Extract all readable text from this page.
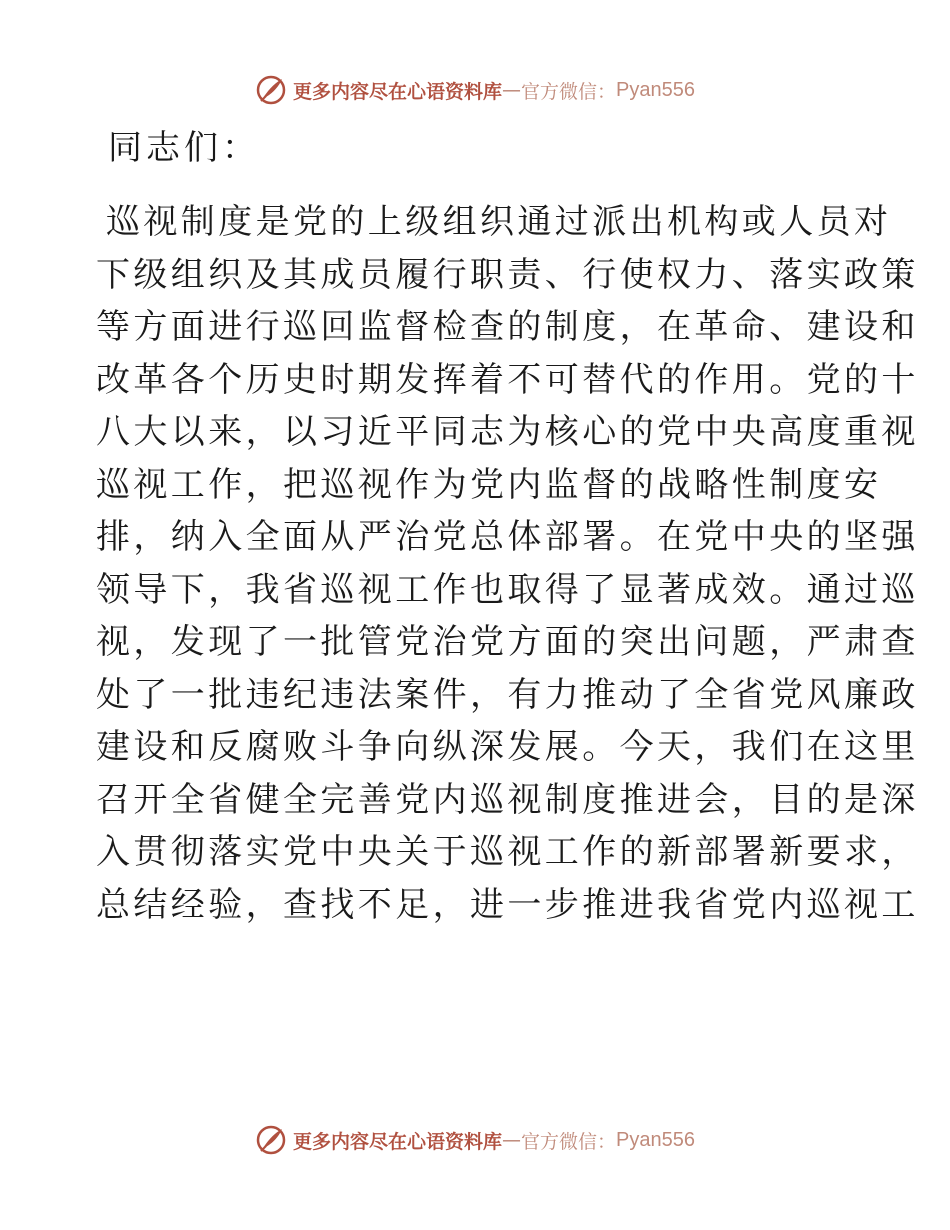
更多内容尽在心语资料库 — 官方微信： Pyan556
同志们：
巡视制度是党的上级组织通过派出机构或人员对
下级组织及其成员履行职责、行使权力、落实政策
等方面进行巡回监督检查的制度，在革命、建设和
改革各个历史时期发挥着不可替代的作用。党的十
八大以来，以习近平同志为核心的党中央高度重视
巡视工作，把巡视作为党内监督的战略性制度安
排，纳入全面从严治党总体部署。在党中央的坚强
领导下，我省巡视工作也取得了显著成效。通过巡
视，发现了一批管党治党方面的突出问题，严肃查
处了一批违纪违法案件，有力推动了全省党风廉政
建设和反腐败斗争向纵深发展。今天，我们在这里
召开全省健全完善党内巡视制度推进会，目的是深
入贯彻落实党中央关于巡视工作的新部署新要求，
总结经验，查找不足，进一步推进我省党内巡视工
更多内容尽在心语资料库 — 官方微信： Pyan556
